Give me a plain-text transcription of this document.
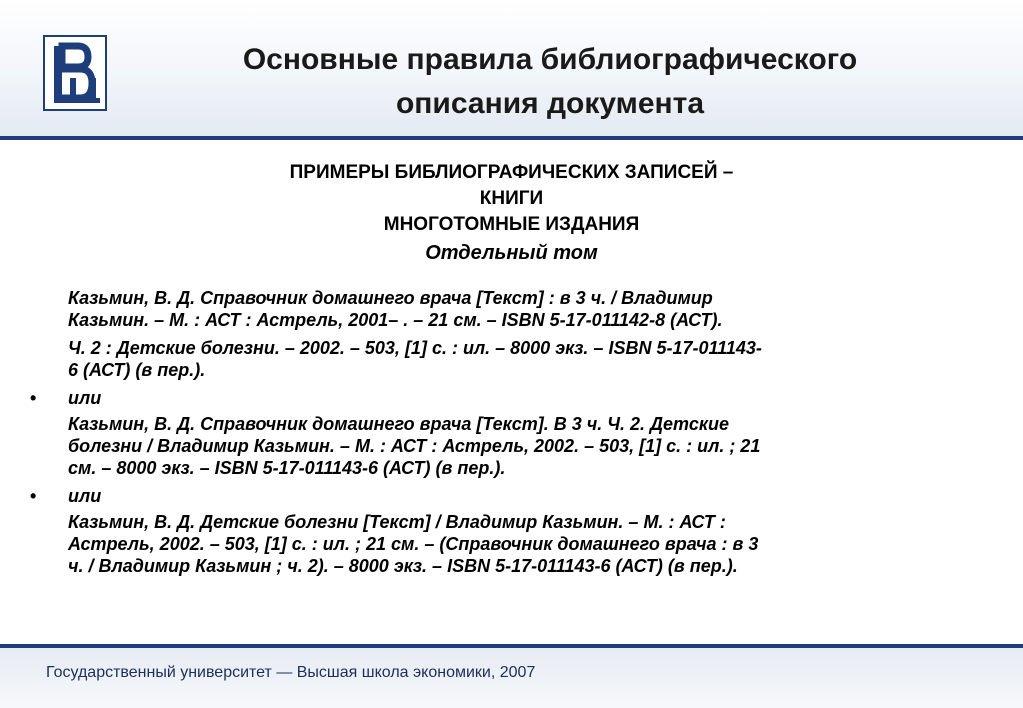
Основные правила библиографического
описания документа
ПРИМЕРЫ БИБЛИОГРАФИЧЕСКИХ ЗАПИСЕЙ –
КНИГИ
МНОГОТОМНЫЕ ИЗДАНИЯ
Отдельный том
Казьмин, В. Д. Справочник домашнего врача [Текст] : в 3 ч. / Владимир
Казьмин. – М. : АСТ : Астрель, 2001– . – 21 см. – ISBN 5-17-011142-8 (АСТ).
Ч. 2 : Детские болезни. – 2002. – 503, [1] с. : ил. – 8000 экз. – ISBN 5-17-011143-
6 (АСТ) (в пер.).
•	или
Казьмин, В. Д. Справочник домашнего врача [Текст]. В 3 ч. Ч. 2. Детские
болезни / Владимир Казьмин. – М. : АСТ : Астрель, 2002. – 503, [1] с. : ил. ; 21
см. – 8000 экз. – ISBN 5-17-011143-6 (АСТ) (в пер.).
•	или
Казьмин, В. Д. Детские болезни [Текст] / Владимир Казьмин. – М. : АСТ :
Астрель, 2002. – 503, [1] с. : ил. ; 21 см. – (Справочник домашнего врача : в 3
ч. / Владимир Казьмин ; ч. 2). – 8000 экз. – ISBN 5-17-011143-6 (АСТ) (в пер.).
Государственный университет — Высшая школа экономики, 2007
